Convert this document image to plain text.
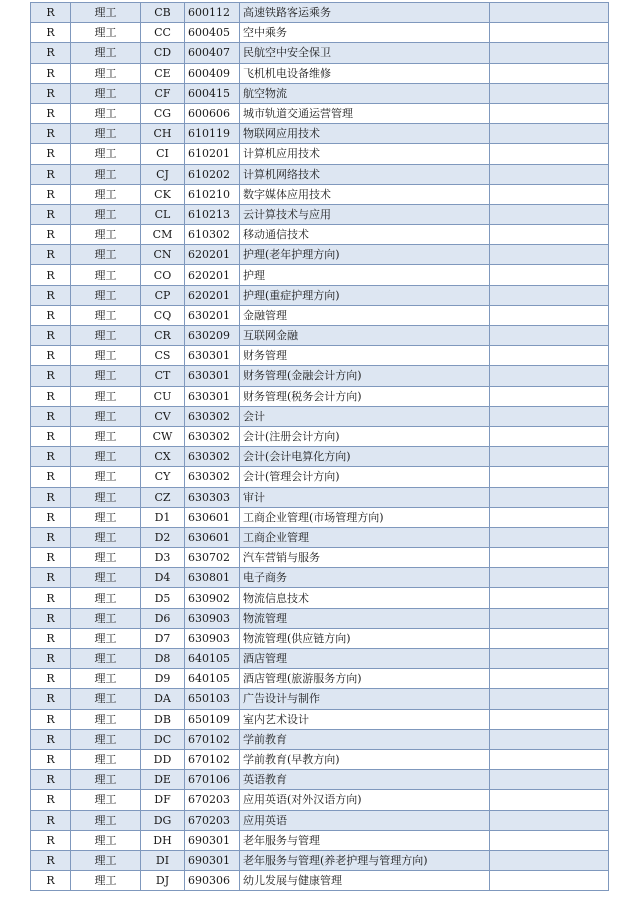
R	理工	CB	600112	高速铁路客运乘务	
R	理工	CC	600405	空中乘务	
R	理工	CD	600407	民航空中安全保卫	
R	理工	CE	600409	飞机机电设备维修	
R	理工	CF	600415	航空物流	
R	理工	CG	600606	城市轨道交通运营管理	
R	理工	CH	610119	物联网应用技术	
R	理工	CI	610201	计算机应用技术	
R	理工	CJ	610202	计算机网络技术	
R	理工	CK	610210	数字媒体应用技术	
R	理工	CL	610213	云计算技术与应用	
R	理工	CM	610302	移动通信技术	
R	理工	CN	620201	护理(老年护理方向)	
R	理工	CO	620201	护理	
R	理工	CP	620201	护理(重症护理方向)	
R	理工	CQ	630201	金融管理	
R	理工	CR	630209	互联网金融	
R	理工	CS	630301	财务管理	
R	理工	CT	630301	财务管理(金融会计方向)	
R	理工	CU	630301	财务管理(税务会计方向)	
R	理工	CV	630302	会计	
R	理工	CW	630302	会计(注册会计方向)	
R	理工	CX	630302	会计(会计电算化方向)	
R	理工	CY	630302	会计(管理会计方向)	
R	理工	CZ	630303	审计	
R	理工	D1	630601	工商企业管理(市场管理方向)	
R	理工	D2	630601	工商企业管理	
R	理工	D3	630702	汽车营销与服务	
R	理工	D4	630801	电子商务	
R	理工	D5	630902	物流信息技术	
R	理工	D6	630903	物流管理	
R	理工	D7	630903	物流管理(供应链方向)	
R	理工	D8	640105	酒店管理	
R	理工	D9	640105	酒店管理(旅游服务方向)	
R	理工	DA	650103	广告设计与制作	
R	理工	DB	650109	室内艺术设计	
R	理工	DC	670102	学前教育	
R	理工	DD	670102	学前教育(早教方向)	
R	理工	DE	670106	英语教育	
R	理工	DF	670203	应用英语(对外汉语方向)	
R	理工	DG	670203	应用英语	
R	理工	DH	690301	老年服务与管理	
R	理工	DI	690301	老年服务与管理(养老护理与管理方向)	
R	理工	DJ	690306	幼儿发展与健康管理	
